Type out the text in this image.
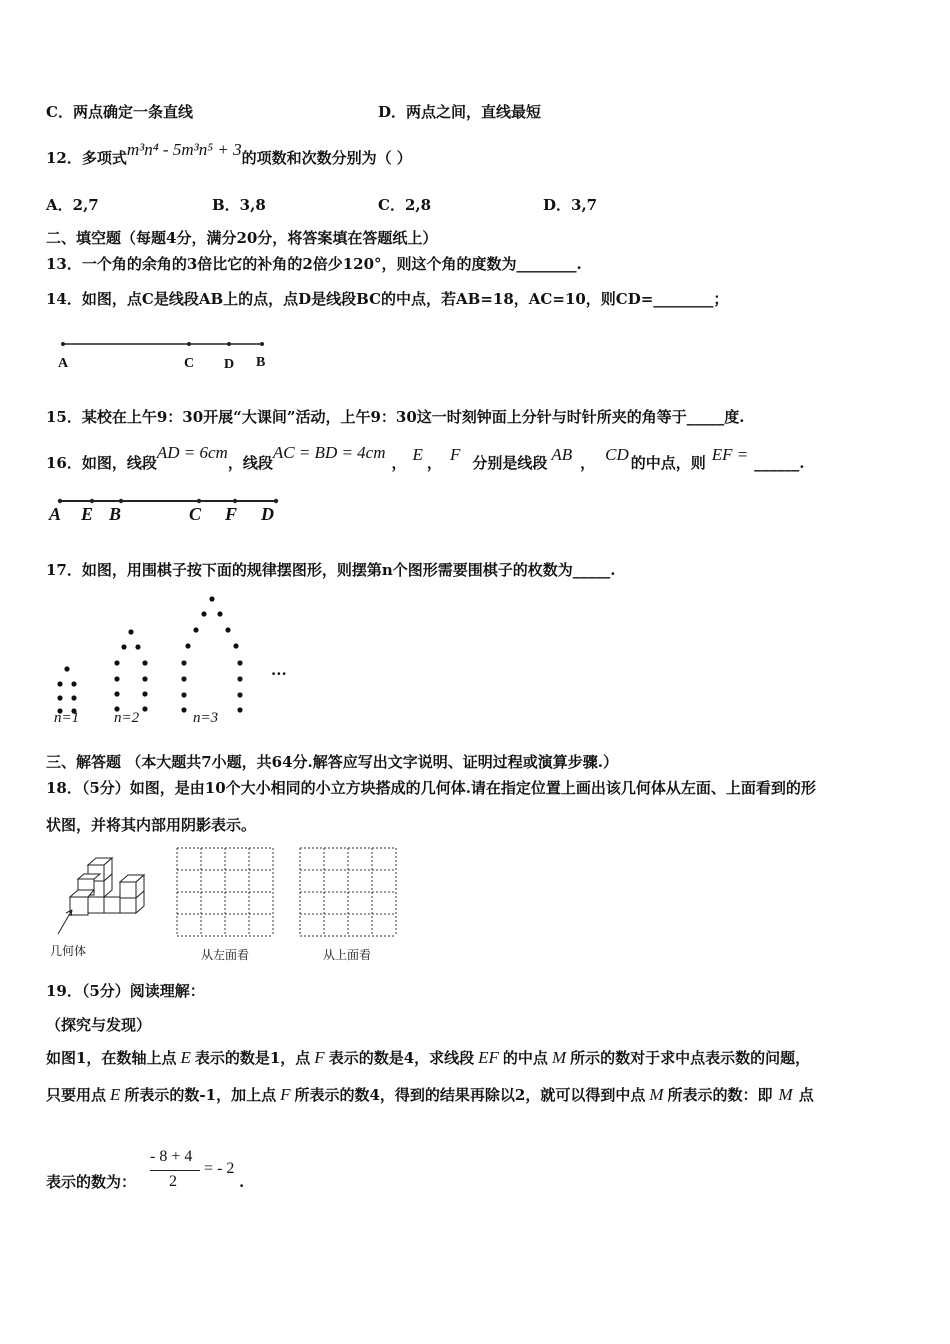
C．两点确定一条直线	D．两点之间，直线最短
12．多项式m³n⁴ - 5m³n⁵ + 3的项数和次数分别为（ ）
A．2,7	B．3,8	C．2,8	D．3,7
二、填空题（每题4分，满分20分，将答案填在答题纸上）
13．一个角的余角的3倍比它的补角的2倍少120°，则这个角的度数为________.
14．如图，点C是线段AB上的点，点D是线段BC的中点，若AB=18，AC=10，则CD=________；
A	C D B
15．某校在上午9：30开展“大课间”活动，上午9：30这一时刻钟面上分针与时针所夹的角等于_____度.
16．如图，线段AD = 6cm，线段AC = BD = 4cm， E ， F 分别是线段 AB ， CD 的中点，则 EF = ______.
A E B	C F D
17．如图，用围棋子按下面的规律摆图形，则摆第n个图形需要围棋子的枚数为_____.
n=1 n=2	n=3
...
三、解答题 （本大题共7小题，共64分.解答应写出文字说明、证明过程或演算步骤.）
18．（5分）如图，是由10个大小相同的小立方块搭成的几何体.请在指定位置上画出该几何体从左面、上面看到的形
状图，并将其内部用阴影表示。
几何体	从左面看	从上面看
19．（5分）阅读理解：
（探究与发现）
如图1，在数轴上点 E 表示的数是1，点 F 表示的数是4，求线段 EF 的中点 M 所示的数对于求中点表示数的问题，
只要用点 E 所表示的数-1，加上点 F 所表示的数4，得到的结果再除以2，就可以得到中点 M 所表示的数：即 M 点
表示的数为：
- 8 + 4
2
= - 2
.
